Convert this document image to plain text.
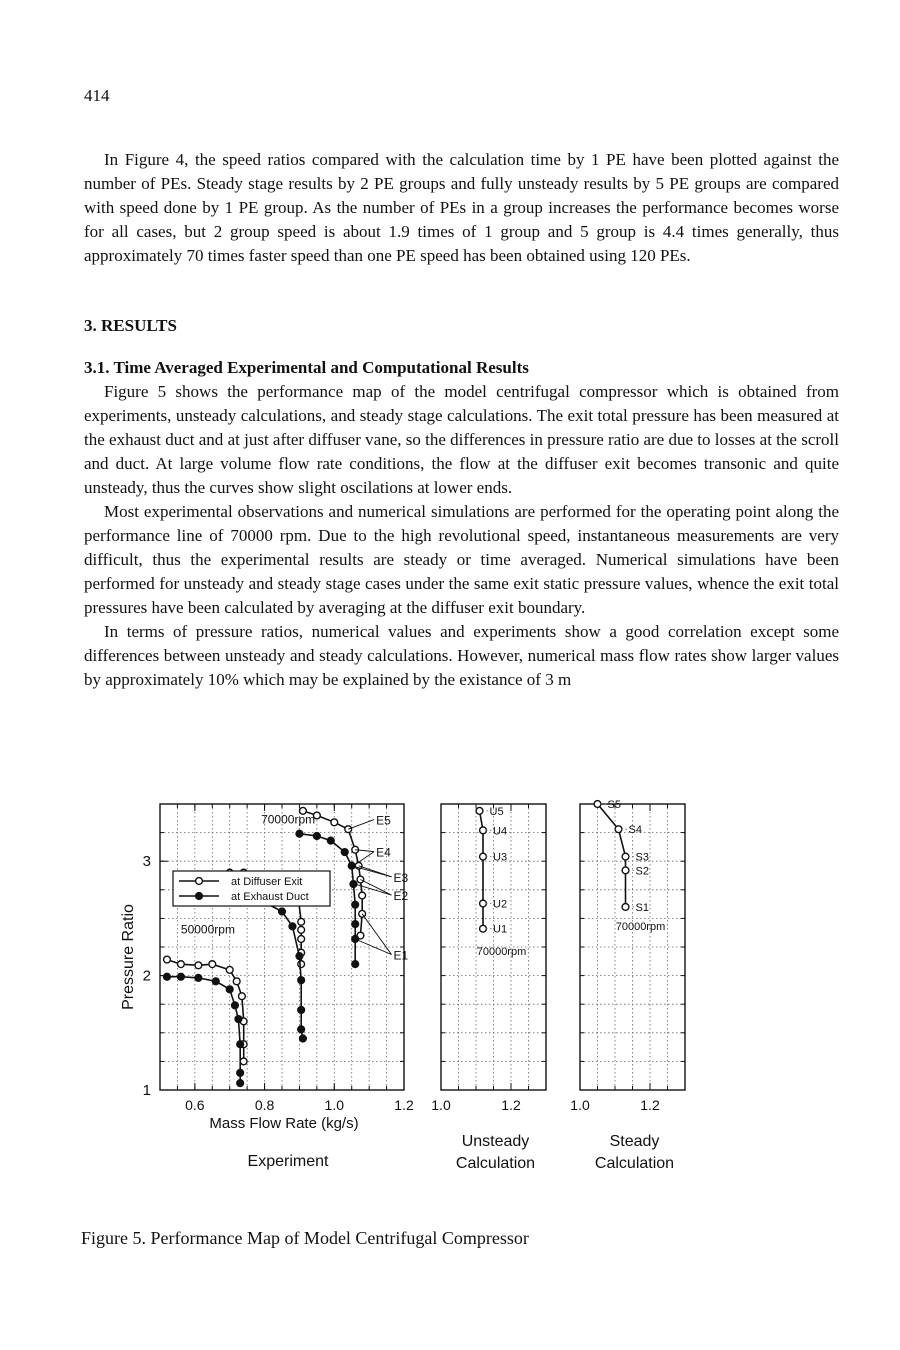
414

In Figure 4, the speed ratios compared with the calculation time by 1 PE have been plotted against the number of PEs. Steady stage results by 2 PE groups and fully unsteady results by 5 PE groups are compared with speed done by 1 PE group. As the number of PEs in a group increases the performance becomes worse for all cases, but 2 group speed is about 1.9 times of 1 group and 5 group is 4.4 times generally, thus approximately 70 times faster speed than one PE speed has been obtained using 120 PEs.

3. RESULTS

3.1. Time Averaged Experimental and Computational Results

Figure 5 shows the performance map of the model centrifugal compressor which is obtained from experiments, unsteady calculations, and steady stage calculations. The exit total pressure has been measured at the exhaust duct and at just after diffuser vane, so the differences in pressure ratio are due to losses at the scroll and duct. At large volume flow rate conditions, the flow at the diffuser exit becomes transonic and quite unsteady, thus the curves show slight oscilations at lower ends.

Most experimental observations and numerical simulations are performed for the operating point along the performance line of 70000 rpm. Due to the high revolutional speed, instantaneous measurements are very difficult, thus the experimental results are steady or time averaged. Numerical simulations have been performed for unsteady and steady stage cases under the same exit static pressure values, whence the exit total pressures have been calculated by averaging at the diffuser exit boundary.

In terms of pressure ratios, numerical values and experiments show a good correlation except some differences between unsteady and steady calculations. However, numerical mass flow rates show larger values by approximately 10% which may be explained by the existance of 3 m

0.6	0.8	1.0	1.2
1
2
3
Mass Flow Rate (kg/s)
Pressure Ratio
Experiment
70000rpm
50000rpm
E5
E4
E3
E2
E1
at Diffuser Exit
at Exhaust Duct
1.0	1.2
Unsteady
Calculation
U5
U4
U3
U2
U1
70000rpm
1.0	1.2
Steady
Calculation
S5
S4
S3
S2
S1
70000rpm
Figure 5. Performance Map of Model Centrifugal Compressor
